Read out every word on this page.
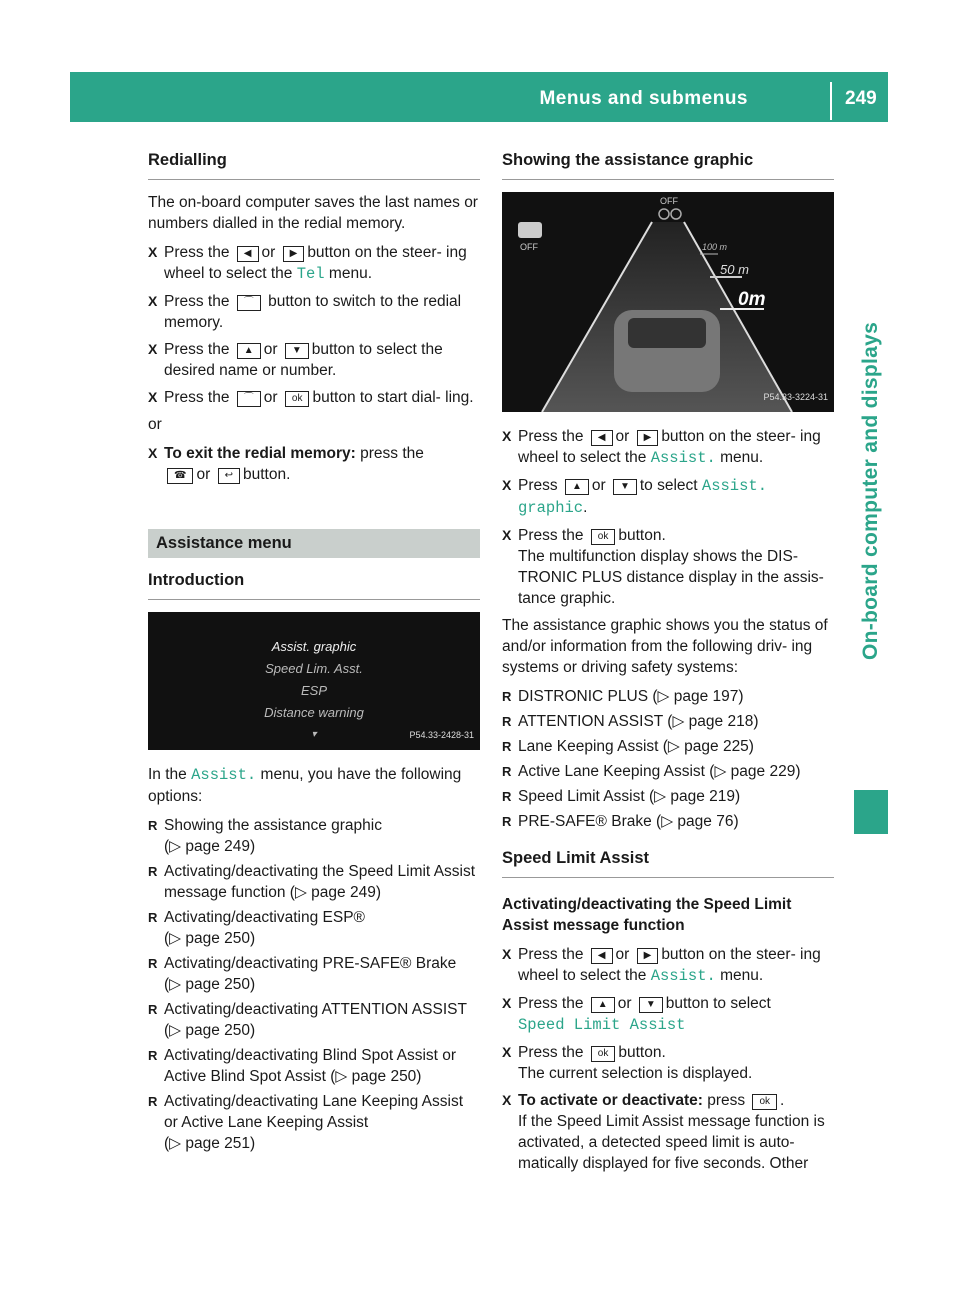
Menus and submenus	249
On-board computer and displays
Redialling

The on-board computer saves the last names or numbers dialled in the redial memory.

X Press the ◀ or ▶ button on the steer- ing wheel to select the Tel menu.
X Press the ⌒ button to switch to the redial memory.
X Press the ▲ or ▼ button to select the desired name or number.
X Press the ⌒ or ok button to start dial- ling.

or

X To exit the redial memory: press the
☎ or ↩ button.
Assistance menu
Introduction
Assist. graphic
Speed Lim. Asst.
ESP
Distance warning
▾	P54.33-2428-31

In the Assist. menu, you have the following options:

R Showing the assistance graphic
(▷ page 249)
R Activating/deactivating the Speed Limit Assist message function (▷ page 249)
R Activating/deactivating ESP®
(▷ page 250)
R Activating/deactivating PRE-SAFE® Brake
(▷ page 250)
R Activating/deactivating ATTENTION ASSIST (▷ page 250)
R Activating/deactivating Blind Spot Assist or Active Blind Spot Assist (▷ page 250)
R Activating/deactivating Lane Keeping Assist or Active Lane Keeping Assist
(▷ page 251)
Showing the assistance graphic
OFF
OFF	100 m
50 m
0m
P54.33-3224-31
X Press the ◀ or ▶ button on the steer- ing wheel to select the Assist. menu.
X Press ▲ or ▼ to select Assist. graphic.
X Press the ok button.
The multifunction display shows the DIS- TRONIC PLUS distance display in the assis- tance graphic.

The assistance graphic shows you the status of and/or information from the following driv- ing systems or driving safety systems:

R DISTRONIC PLUS (▷ page 197)
R ATTENTION ASSIST (▷ page 218)
R Lane Keeping Assist (▷ page 225)
R Active Lane Keeping Assist (▷ page 229)
R Speed Limit Assist (▷ page 219)
R PRE-SAFE® Brake (▷ page 76)
Speed Limit Assist
Activating/deactivating the Speed Limit Assist message function
X Press the ◀ or ▶ button on the steer- ing wheel to select the Assist. menu.
X Press the ▲ or ▼ button to select
Speed Limit Assist
X Press the ok button.
The current selection is displayed.
X To activate or deactivate: press ok .
If the Speed Limit Assist message function is activated, a detected speed limit is auto- matically displayed for five seconds. Other
